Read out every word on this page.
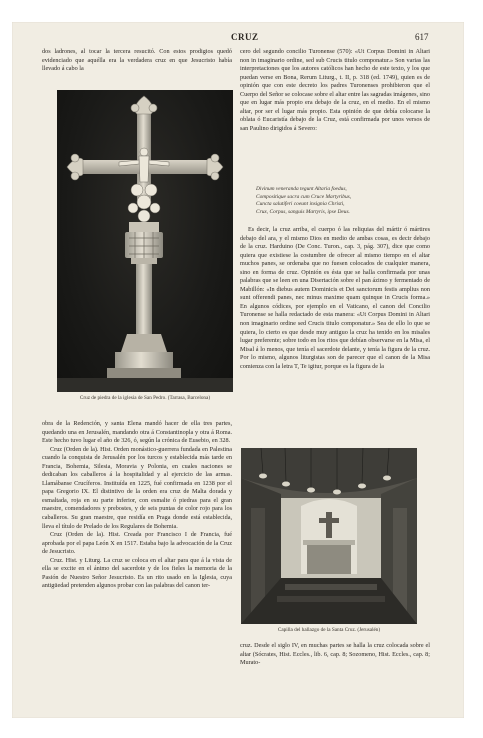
CRUZ	617

dos ladrones, al tocar la tercera resucitó. Con estos prodigios quedó evidenciado que aquélla era la verdadera cruz en que Jesucristo había llevado á cabo la

Cruz de piedra de la iglesia de San Pedro. (Tarrasa, Barcelona)

obra de la Redención, y santa Elena mandó hacer de ella tres partes, quedando una en Jerusalén, mandando otra á Constantinopla y otra á Roma. Este hecho tuvo lugar el año de 326, ó, según la crónica de Eusebio, en 328.

Cruz (Orden de la). Hist. Orden monástico-guerrera fundada en Palestina cuando la conquista de Jerusalén por los turcos y establecida más tarde en Francia, Bohemia, Silesia, Moravia y Polonia, en cuales naciones se dedicaban los caballeros á la hospitalidad y al ejercicio de las armas. Llamábanse Crucíferos. Instituída en 1225, fué confirmada en 1238 por el papa Gregorio IX. El distintivo de la orden era cruz de Malta dorada y esmaltada, roja en su parte inferior, con esmalte ó piedras para el gran maestre, comendadores y prebostes, y de seis puntas de color rojo para los caballeros. Su gran maestre, que residía en Praga donde está establecida, lleva el título de Prelado de los Regulares de Bohemia.

Cruz (Orden de la). Hist. Creada por Francisco I de Francia, fué aprobada por el papa León X en 1517. Estaba bajo la advocación de la Cruz de Jesucristo.

Cruz. Hist. y Liturg. La cruz se coloca en el altar para que á la vista de ella se excite en el ánimo del sacerdote y de los fieles la memoria de la Pasión de Nuestro Señor Jesucristo. Es un rito usado en la Iglesia, cuya antigüedad pretenden algunos probar con las palabras del canon ter-

cero del segundo concilio Turonense (570): «Ut Corpus Domini in Altari non in imaginario ordine, sed sub Crucis titulo componatur.» Son varias las interpretaciones que los autores católicos han hecho de este texto, y los que puedan verse en Bona, Rerum Liturg., t. II, p. 318 (ed. 1749), quien es de opinión que con este decreto los padres Turonenses prohibieron que el Cuerpo del Señor se colocase sobre el altar entre las sagradas imágenes, sino que en lugar más propio era debajo de la cruz, en el medio. En el mismo altar, por ser el lugar más propio. Esta opinión de que debía colocarse la oblata ó Eucaristía debajo de la Cruz, está confirmada por unos versos de san Paulino dirigidos á Severo:

Divinum veneranda tegunt Altaria foedus,
Compositique sacra cum Cruce Martyribus,
Cuncta salutiferi coeunt insignia Christi,
Crux, Corpus, sanguis Martyris, ipse Deus.

Es decir, la cruz arriba, el cuerpo ó las reliquias del mártir ó mártires debajo del ara, y el mismo Dios en medio de ambas cosas, es decir debajo de la cruz. Harduino (De Conc. Turon., cap. 3, pág. 307), dice que como quiera que existiese la costumbre de ofrecer al mismo tiempo en el altar muchos panes, se ordenaba que no fuesen colocados de cualquier manera, sino en forma de cruz. Opinión es ésta que se halla confirmada por unas palabras que se leen en una Disertación sobre el pan ázimo y fermentado de Mabillón: «In diebus autem Dominicis et Dei sanctorum festis amplius non sunt offerendi panes, nec minus maxime quam quinque in Crucis forma.» En algunos códices, por ejemplo en el Vaticano, el canon del Concilio Turonense se halla redactado de esta manera: «Ut Corpus Domini in Altari non imaginario ordine sed Crucis titulo componatur.» Sea de ello lo que se quiera, lo cierto es que desde muy antiguo la cruz ha tenido en los misales lugar preferente; sobre todo en los ritos que debían observarse en la Misa, el Misal á lo menos, que tenía el sacerdote delante, y tenía la figura de la cruz. Por lo mismo, algunos liturgistas son de parecer que el canon de la Misa comienza con la letra T, Te igitur, porque es la figura de la

Capilla del hallazgo de la Santa Cruz. (Jerusalén)

cruz. Desde el siglo IV, en muchas partes se halla la cruz colocada sobre el altar (Sócrates, Hist. Eccles., lib. 6, cap. 8; Sozomeno, Hist. Eccles., cap. 8; Murato-
